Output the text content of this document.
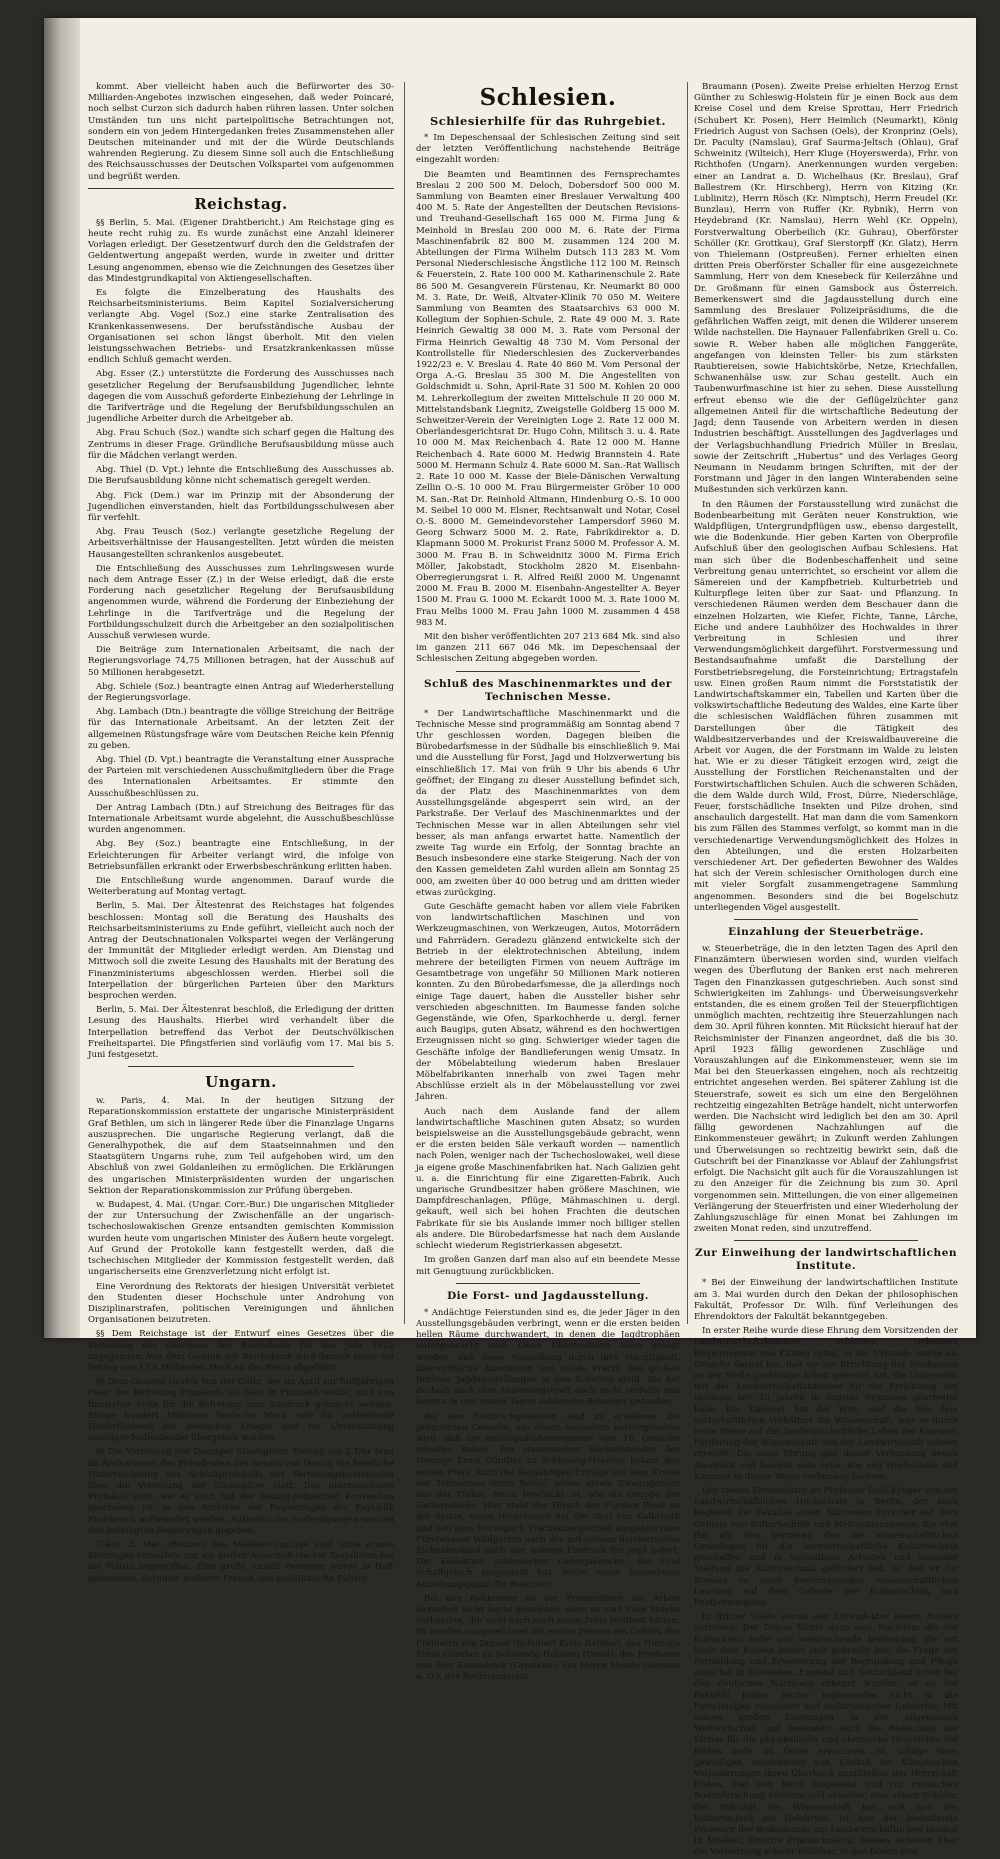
kommt. Aber vielleicht haben auch die Befürworter des 30-Milliarden-Angebotes inzwischen eingesehen, daß weder Poincaré, noch selbst Curzon sich dadurch haben rühren lassen. Unter solchen Umständen tun uns nicht parteipolitische Betrachtungen not, sondern ein von jedem Hintergedanken freies Zusammenstehen aller Deutschen miteinander und mit der die Würde Deutschlands wahrenden Regierung. Zu diesem Sinne soll auch die Entschließung des Reichsausschusses der Deutschen Volkspartei vom aufgenommen und begrüßt werden.

Reichstag.

§§ Berlin, 5. Mai. (Eigener Drahtbericht.) Am Reichstage ging es heute recht ruhig zu. Es wurde zunächst eine Anzahl kleinerer Vorlagen erledigt. Der Gesetzentwurf durch den die Geldstrafen der Geldentwertung angepaßt werden, wurde in zweiter und dritter Lesung angenommen, ebenso wie die Zeichnungen des Gesetzes über das Mindestgrundkapital von Aktiengesellschaften.

Es folgte die Einzelberatung des Haushalts des Reichsarbeitsministeriums. Beim Kapitel Sozialversicherung verlangte Abg. Vogel (Soz.) eine starke Zentralisation des Krankenkassenwesens. Der berufsständische Ausbau der Organisationen sei schon längst überholt. Mit den vielen leistungsschwachen Betriebs- und Ersatzkrankenkassen müsse endlich Schluß gemacht werden.

Abg. Esser (Z.) unterstützte die Forderung des Ausschusses nach gesetzlicher Regelung der Berufsausbildung Jugendlicher, lehnte dagegen die vom Ausschuß geforderte Einbeziehung der Lehrlinge in die Tarifverträge und die Regelung der Berufsbildungsschulen an jugendliche Arbeiter durch die Arbeitgeber ab.

Abg. Frau Schuch (Soz.) wandte sich scharf gegen die Haltung des Zentrums in dieser Frage. Gründliche Berufsausbildung müsse auch für die Mädchen verlangt werden.

Abg. Thiel (D. Vpt.) lehnte die Entschließung des Ausschusses ab. Die Berufsausbildung könne nicht schematisch geregelt werden.

Abg. Fick (Dem.) war im Prinzip mit der Absonderung der Jugendlichen einverstanden, hielt das Fortbildungsschulwesen aber für verfehlt.

Abg. Frau Teusch (Soz.) verlangte gesetzliche Regelung der Arbeitsverhältnisse der Hausangestellten. Jetzt würden die meisten Hausangestellten schrankenlos ausgebeutet.

Die Entschließung des Ausschusses zum Lehrlingswesen wurde nach dem Antrage Esser (Z.) in der Weise erledigt, daß die erste Forderung nach gesetzlicher Regelung der Berufsausbildung angenommen wurde, während die Forderung der Einbeziehung der Lehrlinge in die Tarifverträge und die Regelung der Fortbildungsschulzeit durch die Arbeitgeber an den sozialpolitischen Ausschuß verwiesen wurde.

Die Beiträge zum Internationalen Arbeitsamt, die nach der Regierungsvorlage 74,75 Millionen betragen, hat der Ausschuß auf 50 Millionen herabgesetzt.

Abg. Schiele (Soz.) beantragte einen Antrag auf Wiederherstellung der Regierungsvorlage.

Abg. Lambach (Dtn.) beantragte die völlige Streichung der Beiträge für das Internationale Arbeitsamt. An der letzten Zeit der allgemeinen Rüstungsfrage wäre vom Deutschen Reiche kein Pfennig zu geben.

Abg. Thiel (D. Vpt.) beantragte die Veranstaltung einer Aussprache der Parteien mit verschiedenen Ausschußmitgliedern über die Frage des Internationalen Arbeitsamtes. Er stimmte den Ausschußbeschlüssen zu.

Der Antrag Lambach (Dtn.) auf Streichung des Beitrages für das Internationale Arbeitsamt wurde abgelehnt, die Ausschußbeschlüsse wurden angenommen.

Abg. Bey (Soz.) beantragte eine Entschließung, in der Erleichterungen für Arbeiter verlangt wird, die infolge von Betriebsunfällen erkrankt oder Erwerbsbeschränkung erlitten haben.

Die Entschließung wurde angenommen. Darauf wurde die Weiterberatung auf Montag vertagt.

Berlin, 5. Mai. Der Ältestenrat des Reichstages hat folgendes beschlossen: Montag soll die Beratung des Haushalts des Reichsarbeitsministeriums zu Ende geführt, vielleicht auch noch der Antrag der Deutschnationalen Volkspartei wegen der Verlängerung der Immunität der Mitglieder erledigt werden. Am Dienstag und Mittwoch soll die zweite Lesung des Haushalts mit der Beratung des Finanzministeriums abgeschlossen werden. Hierbei soll die Interpellation der bürgerlichen Parteien über den Markturs besprochen werden.

Berlin, 5. Mai. Der Ältestenrat beschloß, die Erledigung der dritten Lesung des Haushalts. Hierbei wird verhandelt über die Interpellation betreffend das Verbot der Deutschvölkischen Freiheitspartei. Die Pfingstferien sind vorläufig vom 17. Mai bis 5. Juni festgesetzt.

Ungarn.

w. Paris, 4. Mai. In der heutigen Sitzung der Reparationskommission erstattete der ungarische Ministerpräsident Graf Bethlen, um sich in längerer Rede über die Finanzlage Ungarns auszusprechen. Die ungarische Regierung verlangt, daß die Generalhypothek, die auf dem Staatseinnahmen und den Staatsgütern Ungarns ruhe, zum Teil aufgehoben wird, um den Abschluß von zwei Goldanleihen zu ermöglichen. Die Erklärungen des ungarischen Ministerpräsidenten wurden der ungarischen Sektion der Reparationskommission zur Prüfung übergeben.

w. Budapest, 4. Mai. (Ungar. Corr.-Bur.) Die ungarischen Mitglieder der zur Untersuchung der Zwischenfälle an der ungarisch-tschechoslowakischen Grenze entsandten gemischten Kommission wurden heute vom ungarischen Minister des Äußern heute vorgelegt. Auf Grund der Protokolle kann festgestellt werden, daß die tschechischen Mitglieder der Kommission festgestellt werden, daß ungarischerseits eine Grenzverletzung nicht erfolgt ist.

Eine Verordnung des Rektorats der hiesigen Universität verbietet den Studenten dieser Hochschule unter Androhung von Disziplinarstrafen, politischen Vereinigungen und ähnlichen Organisationen beizutreten.

§§ Dem Reichstage ist der Entwurf eines Gesetzes über die Verteilung des Gewinnes der Reichsbank für das Jahr 1922 zugegangen. Von dem Gewinn der Reichsbank wird danach zuvor ein Betrag von 17,8 Milliarden Mark an das Reich abgeführt.

§§ Dem General Grafen von der Goltz, der im April zur fünfjährigen Feier der Befreiung Finnlands als Gast in Finnland weilte, sind von finnischer Seite für die Befreiung zum Ausdruck gebracht worden. Einige hundert Millionen finnische Mark sind für notleidende Hinterbliebene der deutschen Krieger und zur Unterstützung sonstiger Notleidender übergeben worden.

§§ Die Verteilung der Danziger Staatsgüter. Freitag um 2 Uhr fand im Amtszimmer des Präsidenten des Senats von Danzig die feierliche Unterzeichnung des Schlußprotokolls der Verteilungskommission über die Verteilung der Staatsgüter statt. Das unterzeichnete Protokoll wird, wie es auch mit der Danzig-polnischen Konvention geschehen ist, in den Archiven der Regierungen der Republik Frankreich aufbewahrt werden. Authentische Ausfertigungen werden den beteiligten Regierungen gegeben.

Tokio, 2. Mai. (Reuter.) Die Maifeier-Umzüge sind ohne ernste Störungen verlaufen; nur ein großer Ausschuß starker Sozialisten hat die Polizei angegriffen. Eine große Anzahl Personen wurde in Haft genommen, darunter mehrere Frauen und sozialistische Führer.

Schlesien.
Schlesierhilfe für das Ruhrgebiet.

* Im Depeschensaal der Schlesischen Zeitung sind seit der letzten Veröffentlichung nachstehende Beiträge eingezahlt worden:

Die Beamten und Beamtinnen des Fernsprechamtes Breslau 2 200 500 M. Deloch, Dobersdorf 500 000 M. Sammlung von Beamten einer Breslauer Verwaltung 400 400 M. 5. Rate der Angestellten der Deutschen Revisions- und Treuhand-Gesellschaft 165 000 M. Firma Jung & Meinhold in Breslau 200 000 M. 6. Rate der Firma Maschinenfabrik 82 800 M. zusammen 124 200 M. Abteilungen der Firma Wilhelm Dutsch 113 283 M. Vom Personal Niederschlesische Ängstliche 112 100 M. Reinsch & Feuerstein, 2. Rate 100 000 M. Katharinenschule 2. Rate 86 500 M. Gesangverein Fürstenau, Kr. Neumarkt 80 000 M. 3. Rate, Dr. Weiß, Altvater-Klinik 70 050 M. Weitere Sammlung von Beamten des Staatsarchivs 63 000 M. Kollegium der Sophien-Schule, 2. Rate 49 000 M. 3. Rate Heinrich Gewaltig 38 000 M. 3. Rate vom Personal der Firma Heinrich Gewaltig 48 730 M. Vom Personal der Kontrollstelle für Niederschlesien des Zuckerverbandes 1922/23 e. V. Breslau 4. Rate 40 860 M. Vom Personal der Orga A.-G. Breslau 35 300 M. Die Angestellten von Goldschmidt u. Sohn, April-Rate 31 500 M. Kohlen 20 000 M. Lehrerkollegium der zweiten Mittelschule II 20 000 M. Mittelstandsbank Liegnitz, Zweigstelle Goldberg 15 000 M. Schweitzer-Verein der Vereinigten Loge 2. Rate 12 000 M. Oberlandesgerichtsrat Dr. Hugo Cohn, Militsch 3. u. 4. Rate 10 000 M. Max Reichenbach 4. Rate 12 000 M. Hanne Reichenbach 4. Rate 6000 M. Hedwig Brannstein 4. Rate 5000 M. Hermann Schulz 4. Rate 6000 M. San.-Rat Wallisch 2. Rate 10 000 M. Kasse der Biele-Dänischen Verwaltung Zellin O.-S. 10 000 M. Frau Bürgermeister Gröber 10 000 M. San.-Rat Dr. Reinhold Altmann, Hindenburg O.-S. 10 000 M. Seibel 10 000 M. Elsner, Rechtsanwalt und Notar, Cosel O.-S. 8000 M. Gemeindevorsteher Lampersdorf 5960 M. Georg Schwarz 5000 M. 2. Rate, Fabrikdirektor a. D. Klapmann 5000 M. Prokurist Franz 5000 M. Professor A. M. 3000 M. Frau B. in Schweidnitz 3000 M. Firma Erich Möller, Jakobstadt, Stockholm 2820 M. Eisenbahn-Oberregierungsrat i. R. Alfred Reißl 2000 M. Ungenannt 2000 M. Frau B. 2000 M. Eisenbahn-Angestellter A. Beyer 1500 M. Frau G. 1000 M. Eckardt 1000 M. 3. Rate 1000 M. Frau Melbs 1000 M. Frau Jahn 1000 M. zusammen 4 458 983 M.

Mit den bisher veröffentlichten 207 213 684 Mk. sind also im ganzen 211 667 046 Mk. im Depeschensaal der Schlesischen Zeitung abgegeben worden.

Schluß des Maschinenmarktes und der Technischen Messe.

* Der Landwirtschaftliche Maschinenmarkt und die Technische Messe sind programmäßig am Sonntag abend 7 Uhr geschlossen worden. Dagegen bleiben die Bürobedarfsmesse in der Südhalle bis einschließlich 9. Mai und die Ausstellung für Forst, Jagd und Holzverwertung bis einschließlich 17. Mai von früh 9 Uhr bis abends 6 Uhr geöffnet; der Eingang zu dieser Ausstellung befindet sich, da der Platz des Maschinenmarktes von dem Ausstellungsgelände abgesperrt sein wird, an der Parkstraße. Der Verlauf des Maschinenmarktes und der Technischen Messe war in allen Abteilungen sehr viel besser, als man anfangs erwartet hatte. Namentlich der zweite Tag wurde ein Erfolg, der Sonntag brachte an Besuch insbesondere eine starke Steigerung. Nach der von den Kassen gemeldeten Zahl wurden allein am Sonntag 25 000, am zweiten über 40 000 betrug und am dritten wieder etwas zurückging.

Gute Geschäfte gemacht haben vor allem viele Fabriken von landwirtschaftlichen Maschinen und von Werkzeugmaschinen, von Werkzeugen, Autos, Motorrädern und Fahrrädern. Geradezu glänzend entwickelte sich der Betrieb in der elektrotechnischen Abteilung, indem mehrere der beteiligten Firmen von neuem Aufträge im Gesamtbetrage von ungefähr 50 Millionen Mark notieren konnten. Zu den Bürobedarfsmesse, die ja allerdings noch einige Tage dauert, haben die Aussteller bisher sehr verschieden abgeschnitten. Im Baumesse fanden solche Gegenstände, wie Ofen, Sparkochherde u. dergl. ferner auch Baugips, guten Absatz, während es den hochwertigen Erzeugnissen nicht so ging. Schwieriger wieder tagen die Geschäfte infolge der Bandlieferungen wenig Umsatz. In der Möbelabteilung wiederum haben Breslauer Möbelfabrikanten innerhalb von zwei Tagen mehr Abschlüsse erzielt als in der Möbelausstellung vor zwei Jahren.

Auch nach dem Auslande fand der allem landwirtschaftliche Maschinen guten Absatz; so wurden beispielsweise an die Ausstellungsgebäude gebracht, wenn er die ersten beiden Säle verkauft worden — namentlich nach Polen, weniger nach der Tschechoslowakei, weil diese ja eigene große Maschinenfabriken hat. Nach Galizien geht u. a. die Einrichtung für eine Zigaretten-Fabrik. Auch ungarische Grundbesitzer haben größere Maschinen, wie Dampfdreschanlagen, Pflüge, Mähmaschinen u. dergl. gekauft, weil sich bei hohen Frachten die deutschen Fabrikate für sie bis Auslande immer noch billiger stellen als andere. Die Bürobedarfsmesse hat nach dem Auslande schlecht wiederum Registrierkassen abgesetzt.

Im großen Ganzen darf man also auf ein beendete Messe mit Genugtuung zurückblicken.

Die Forst- und Jagdausstellung.

* Andächtige Feierstunden sind es, die jeder Jäger in den Ausstellungsgebäuden verbringt, wenn er die ersten beiden hellen Räume durchwandert, in denen die Jagdtrophäen untergebracht sind. Ohne Übertreibung kann gesagt werden, daß diese Ausstellung durch ihre Mächtigkeit, übersichtliche Anordnung und solide Pracht den großen Berliner Jagdausstellungen in den Schatten stellt. Sie hat deshalb auch ihre Anziehungskraft auch nicht verfehlt und bereits in den ersten Tagen zahlreiche Besucher gefunden.

Bei den Rothirschgeweihen sind zu erwähnen die prämiierten Geweihe, aus denen besonders hervorgehoben wird, daß die Reichspräsidentenpreise vom 16. Geweihe erhalten haben. Ein slawonischer Sechzehnender des Herzogs Ernst Günther zu Schleswig-Holstein bekam den ersten Preis. Auch die diesjährigen Erträge aus dem Kreise der Teilnehmer ihren Beifall, außer einem Zwanzigender aus der Türkei. Reich beschickt ist, wie die Gruppe der Gatterhirsche. Hier steht der Hirsch des Fürsten Pless an der Spitze, einen Heidehirsch hat der Graf von Kalkreuth und von dem Herzoglich Trachenbergischen ausgebrachten Fürstenauer Wildgarten auch der mit seinem hundertvollen Eichenbestand auch den wahren Eindruck für Jagd liefert. Die Kollektion schlesischer Gebirgshirsche, die Graf Schaffgotsch ausgestellt hat, bildet einen besonderen Anziehungspunkt für Besucher.

Bei den Rehkronen ist der Preisrichtern die Arbeit sicherlich nicht leicht geworden, denn es sind viele Stücke vorhanden, die wohl auch noch einen Preis verdient hätten. Es wurden ausgezeichnet mit ersten Preisen ein Gehörn des Freiherrn von Durant (Schubert Kreis Ratibor), des Herzogs Ernst Günther zu Schleswig-Holstein (Cosel), des Freiherrn von dem Kniesebeck (Grottkau), des Herrn Mende (Steinau a. O.), des Rechnungsrats

Braumann (Posen). Zweite Preise erhielten Herzog Ernst Günther zu Schleswig-Holstein für je einen Bock aus dem Kreise Cosel und dem Kreise Sprottau, Herr Friedrich (Schubert Kr. Posen), Herr Heimlich (Neumarkt), König Friedrich August von Sachsen (Oels), der Kronprinz (Oels), Dr. Paculty (Namslau), Graf Saurma-Jeltsch (Ohlau), Graf Schweinitz (Wilteich), Herr Kluge (Hoyerswerda), Frhr. von Richthofen (Ungarn). Anerkennungen wurden vergeben: einer an Landrat a. D. Wichelhaus (Kr. Breslau), Graf Ballestrem (Kr. Hirschberg), Herrn von Kitzing (Kr. Lublinitz), Herrn Rösch (Kr. Nimptsch), Herrn Freudel (Kr. Bunzlau), Herrn von Ruffer (Kr. Rybnik), Herrn von Heydebrand (Kr. Namslau), Herrn Wehl (Kr. Oppeln), Forstverwaltung Oberbeilich (Kr. Guhrau), Oberförster Schöller (Kr. Grottkau), Graf Sierstorpff (Kr. Glatz), Herrn von Thielemann (Ostpreußen). Ferner erhielten einen dritten Preis Oberförster Schaller für eine ausgezeichnete Sammlung, Herr von dem Knesebeck für Keilerzähne und Dr. Großmann für einen Gamsbock aus Österreich. Bemerkenswert sind die Jagdausstellung durch eine Sammlung des Breslauer Polizeipräsidiums, die die gefährlichen Waffen zeigt, mit denen die Wilderer unserem Wilde nachstellen. Die Haynauer Fallenfabriken Grell u. Co. sowie R. Weber haben alle möglichen Fanggeräte, angefangen von kleinsten Teller- bis zum stärksten Raubtiereisen, sowie Habichtskörbe, Netze, Kriechfallen, Schwanenhälse usw. zur Schau gestellt. Auch ein Taubenwurfmaschine ist hier zu sehen. Diese Ausstellung erfreut ebenso wie die der Geflügelzüchter ganz allgemeinen Anteil für die wirtschaftliche Bedeutung der Jagd; denn Tausende von Arbeitern werden in diesen Industrien beschäftigt. Ausstellungen des Jagdverlages und der Verlagsbuchhandlung Friedrich Müller in Breslau, sowie der Zeitschrift „Hubertus“ und des Verlages Georg Neumann in Neudamm bringen Schriften, mit der der Forstmann und Jäger in den langen Winterabenden seine Mußestunden sich verkürzen kann.

In den Räumen der Forstausstellung wird zunächst die Bodenbearbeitung mit Geräten neuer Konstruktion, wie Waldpflügen, Untergrundpflügen usw., ebenso dargestellt, wie die Bodenkunde. Hier geben Karten von Oberprofile Aufschluß über den geologischen Aufbau Schlesiens. Hat man sich über die Bodenbeschaffenheit und seine Verbreitung genau unterrichtet, so erscheint vor allem die Sämereien und der Kampfbetrieb. Kulturbetrieb und Kulturpflege leiten über zur Saat- und Pflanzung. In verschiedenen Räumen werden dem Beschauer dann die einzelnen Holzarten, wie Kiefer, Fichte, Tanne, Lärche, Eiche und andere Laubhölzer des Hochwaldes in ihrer Verbreitung in Schlesien und ihrer Verwendungsmöglichkeit dargeführt. Forstvermessung und Bestandsaufnahme umfaßt die Darstellung der Forstbetriebsregelung, die Forsteinrichtung; Ertragstafeln usw. Einen großen Raum nimmt die Forststatistik der Landwirtschaftskammer ein, Tabellen und Karten über die volkswirtschaftliche Bedeutung des Waldes, eine Karte über die schlesischen Waldflächen führen zusammen mit Darstellungen über die Tätigkeit des Waldbesitzerverbandes und der Kreiswaldbauvereine die Arbeit vor Augen, die der Forstmann im Walde zu leisten hat. Wie er zu dieser Tätigkeit erzogen wird, zeigt die Ausstellung der Forstlichen Reichenanstalten und der Forstwirtschaftlichen Schulen. Auch die schweren Schäden, die dem Walde durch Wild, Frost, Dürre, Niederschläge, Feuer, forstschädliche Insekten und Pilze drohen, sind anschaulich dargestellt. Hat man dann die vom Samenkorn bis zum Fällen des Stammes verfolgt, so kommt man in die verschiedenartige Verwendungsmöglichkeit des Holzes in den Abteilungen, und die ersten Holzarbeiten verschiedener Art. Der gefiederten Bewohner des Waldes hat sich der Verein schlesischer Ornithologen durch eine mit vieler Sorgfalt zusammengetragene Sammlung angenommen. Besonders sind die bei Bogelschutz unterliegenden Vögel ausgestellt.

Einzahlung der Steuerbeträge.

w. Steuerbeträge, die in den letzten Tagen des April den Finanzämtern überwiesen worden sind, wurden vielfach wegen des Überflutung der Banken erst nach mehreren Tagen den Finanzkassen gutgeschrieben. Auch sonst sind Schwierigkeiten im Zahlungs- und Überweisungsverkehr entstanden, die es einem großen Teil der Steuerpflichtigen unmöglich machten, rechtzeitig ihre Steuerzahlungen nach dem 30. April führen konnten. Mit Rücksicht hierauf hat der Reichsminister der Finanzen angeordnet, daß die bis 30. April 1923 fällig gewordenen Zuschläge und Vorauszahlungen auf die Einkommensteuer, wenn sie im Mai bei den Steuerkassen eingehen, noch als rechtzeitig entrichtet angesehen werden. Bei späterer Zahlung ist die Steuerstrafe, soweit es sich um eine den Bergelöhnen rechtzeitig eingezahlten Beträge handelt, nicht unterworfen werden. Die Nachsicht wird lediglich bei den am 30. April fällig gewordenen Nachzahlungen auf die Einkommensteuer gewährt; in Zukunft werden Zahlungen und Überweisungen so rechtzeitig bewirkt sein, daß die Gutschrift bei der Finanzkasse vor Ablauf der Zahlungsfrist erfolgt. Die Nachsicht gilt auch für die Vorauszahlungen ist zu den Anzeiger für die Zeichnung bis zum 30. April vorgenommen sein. Mitteilungen, die von einer allgemeinen Verlängerung der Steuerfristen und einer Wiederholung der Zahlungszuschläge für einen Monat bei Zahlungen im zweiten Monat reden, sind unzutreffend.

Zur Einweihung der landwirtschaftlichen Institute.

* Bei der Einweihung der landwirtschaftlichen Institute am 3. Mai wurden durch den Dekan der philosophischen Fakultät, Professor Dr. Wilh. fünf Verleihungen des Ehrendoktors der Fakultät bekanntgegeben.

In erster Reihe wurde diese Ehrung dem Vorsitzenden der Landwirtschaftskammer Schlesien, Geheimen Regierungsrat von Kitzing zuteil, in der Urkunde wurde als Ursache darauf hin, daß sie zur Errichtung der Neubauten an der Stelle großartige Arbeit geleistet hat, die Universität mit der Landwirtschaftskammer für die Errichtung der Institute seit 40 Jahren in engster Symbiose gearbeitet habe. Die Kammer hat der Wirt. und die ihm dem wirtschaftlichen Verhältnis die Wissenschaft, was er durch seine Weise auf das landwirtschaftliche Leben der Kammer, Förderung der Wissenschaft und der Landwirtschaft schwer erreicht. Die neue Ehrung gibt dieser Verbindung neuen Ausdruck und beweist aufs neue, wie eng Hochschule und Kammer in dieser Weise verbunden bleiben.

Der zweite Ehrendoktor ist Professor Emil Krüger von der Landwirtschaftlichen Hochschule in Berlin, der auch begleitet die Fakultät einen führenden Forscher auf dem Gebiete von Kulturtechnik und Meliorationswesen. Sie ehrt ihn als den Vertreter, der die wissenschaftlichen Grundlagen für die landwirtschaftliche Kulturtechnik geschaffen und in vielseitigen Arbeiten und leitender Stellung die Kulturtechnik gefördert hat, so daß er für Breslau zu einer hervorragenden wissenschaftlichen Leistung auf dem Gebiete der Kulturtechnik und Feldbereinigung.

In dritter Stelle wurde der Ehrendoktor einem Russen verliehen. Der Dekan führte dazu aus: Nachdem die der Kulturkreis hohe und weitreichende Bedeutung, die mit Stolz dem Russen hinter sich gebracht hat, die Frage der Fortbildung und Erweiterung der Begründung und Pflege zunächst in Schweden, England und Deutschland schon bei den deutschen Nachbarn erkannt wurden, ist es der Fakultät bisher letzter ergänzendes Licht in die Forschungen russischer und nichtrussischer Gelehrter. Mit seinen großen Leistungen in der allgemeinen Weltwirtschaft und besonders auch die Bedeutung des Klimas für die physikalische und chemische Geschichte der Böden mehr im Osten erwachsen ist, infolge ihrer gewaltigen Ausdehnung von Einfluß ins Klimatischen Veränderungen ihren Überblick unmittelbar der Herrschaft Böden. Hat sein Werk eingehend und zur russischen Bodenforschung verdient und erhalten, eine seiner Schüler, der Fakultät die Wissenschaft hat sich aus der Kulturtechnik die Gelehrten, ist nun der bedeutende Professor der Bodenkunde am Landwirtschaftlichen Institut in Moskau, Dmitrie Prjanischnikow, dessen Arbeiten über die Verwertung schwer löslicher, in den Böden eine
